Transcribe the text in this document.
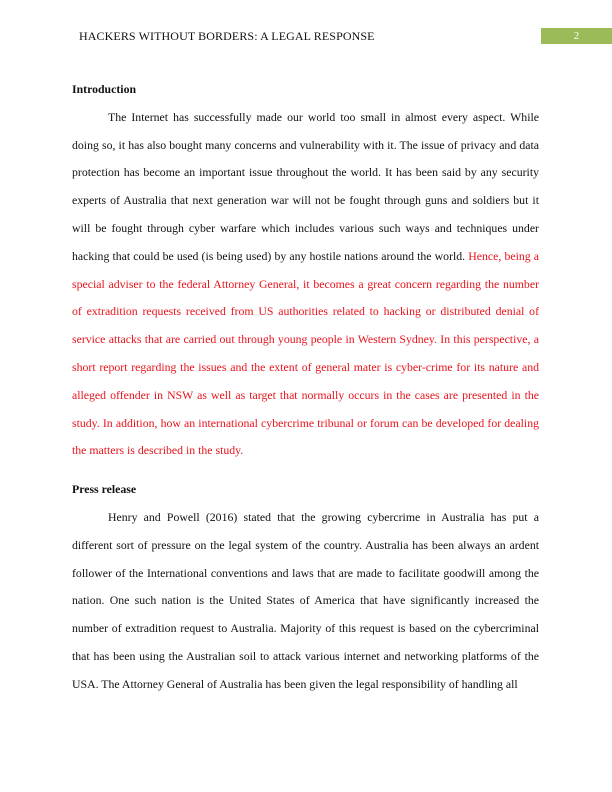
HACKERS WITHOUT BORDERS: A LEGAL RESPONSE	2

Introduction

The Internet has successfully made our world too small in almost every aspect. While doing so, it has also bought many concerns and vulnerability with it. The issue of privacy and data protection has become an important issue throughout the world. It has been said by any security experts of Australia that next generation war will not be fought through guns and soldiers but it will be fought through cyber warfare which includes various such ways and techniques under hacking that could be used (is being used) by any hostile nations around the world. Hence, being a special adviser to the federal Attorney General, it becomes a great concern regarding the number of extradition requests received from US authorities related to hacking or distributed denial of service attacks that are carried out through young people in Western Sydney. In this perspective, a short report regarding the issues and the extent of general mater is cyber-crime for its nature and alleged offender in NSW as well as target that normally occurs in the cases are presented in the study. In addition, how an international cybercrime tribunal or forum can be developed for dealing the matters is described in the study.

Press release

Henry and Powell (2016) stated that the growing cybercrime in Australia has put a different sort of pressure on the legal system of the country. Australia has been always an ardent follower of the International conventions and laws that are made to facilitate goodwill among the nation. One such nation is the United States of America that have significantly increased the number of extradition request to Australia. Majority of this request is based on the cybercriminal that has been using the Australian soil to attack various internet and networking platforms of the USA. The Attorney General of Australia has been given the legal responsibility of handling all
